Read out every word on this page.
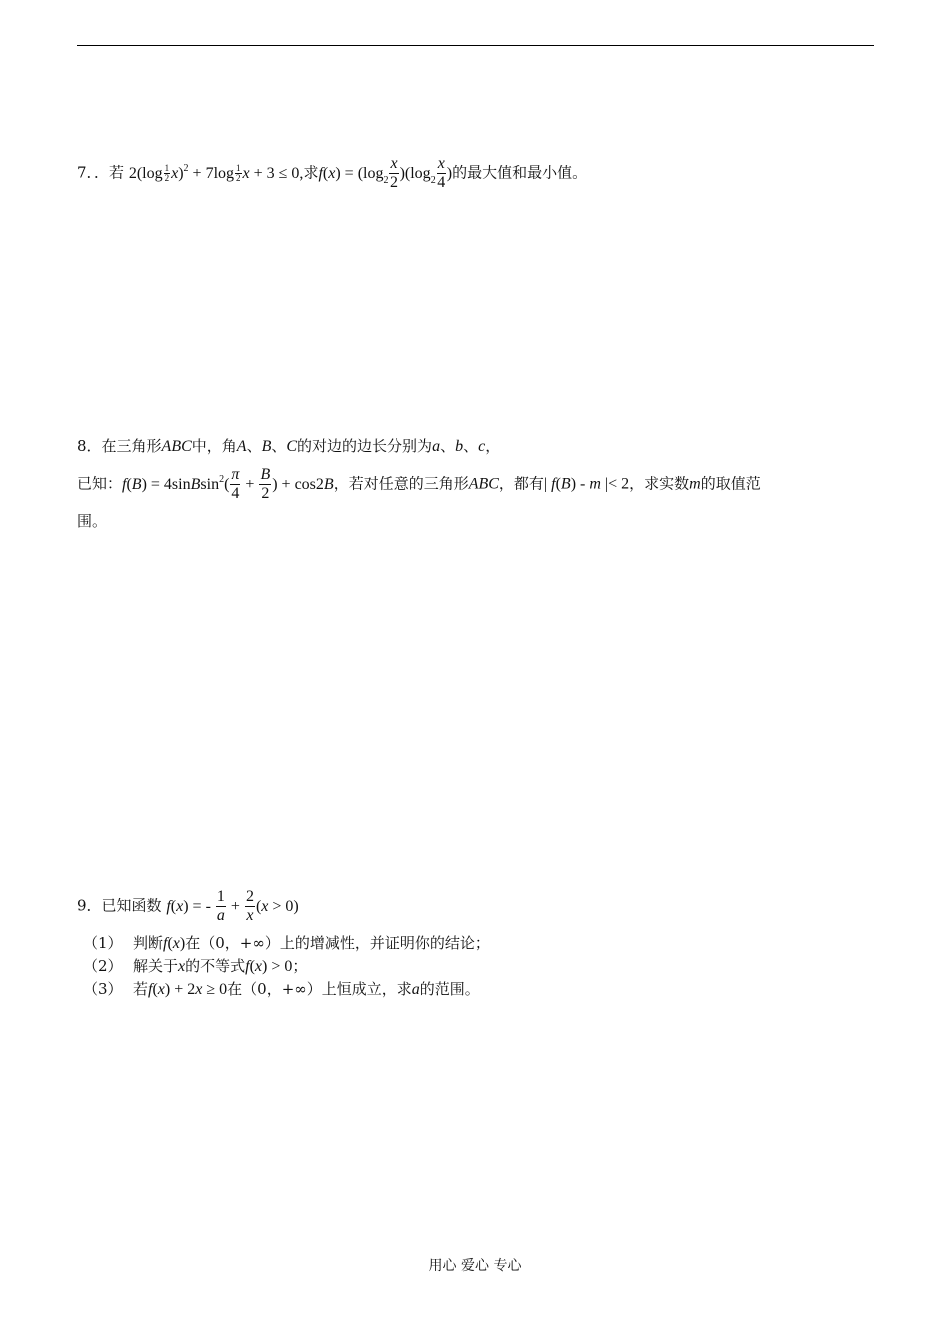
7．．若 $2(\log \frac{1}{2} x)^2 + 7\log \frac{1}{2}$ x + 3 ≤ 0,求$f(x) = (\log_2 \frac{x}{2} )(\log_2 \frac{x}{4}$ )的最大值和最小值。
8．在三角形ABC中，角A、B、C的对边的边长分别为a、b、c，
已知：f(B) = 4sinBsin$^2$( $\frac{\pi}{4} + \frac{B}{2}$ ) + cos2B，若对任意的三角形ABC，都有| f(B) - m |< 2，求实数m的取值范
围。
9．已知函数 f(x) = - $\frac{1}{a} + \frac{2}{x} (x > 0)$
（1） 判断f(x)在（0，+∞）上的增减性，并证明你的结论；
（2） 解关于x的不等式f(x) > 0；
（3） 若f(x) + 2x ≥ 0在（0，+∞）上恒成立，求a的范围。
用心 爱心 专心
